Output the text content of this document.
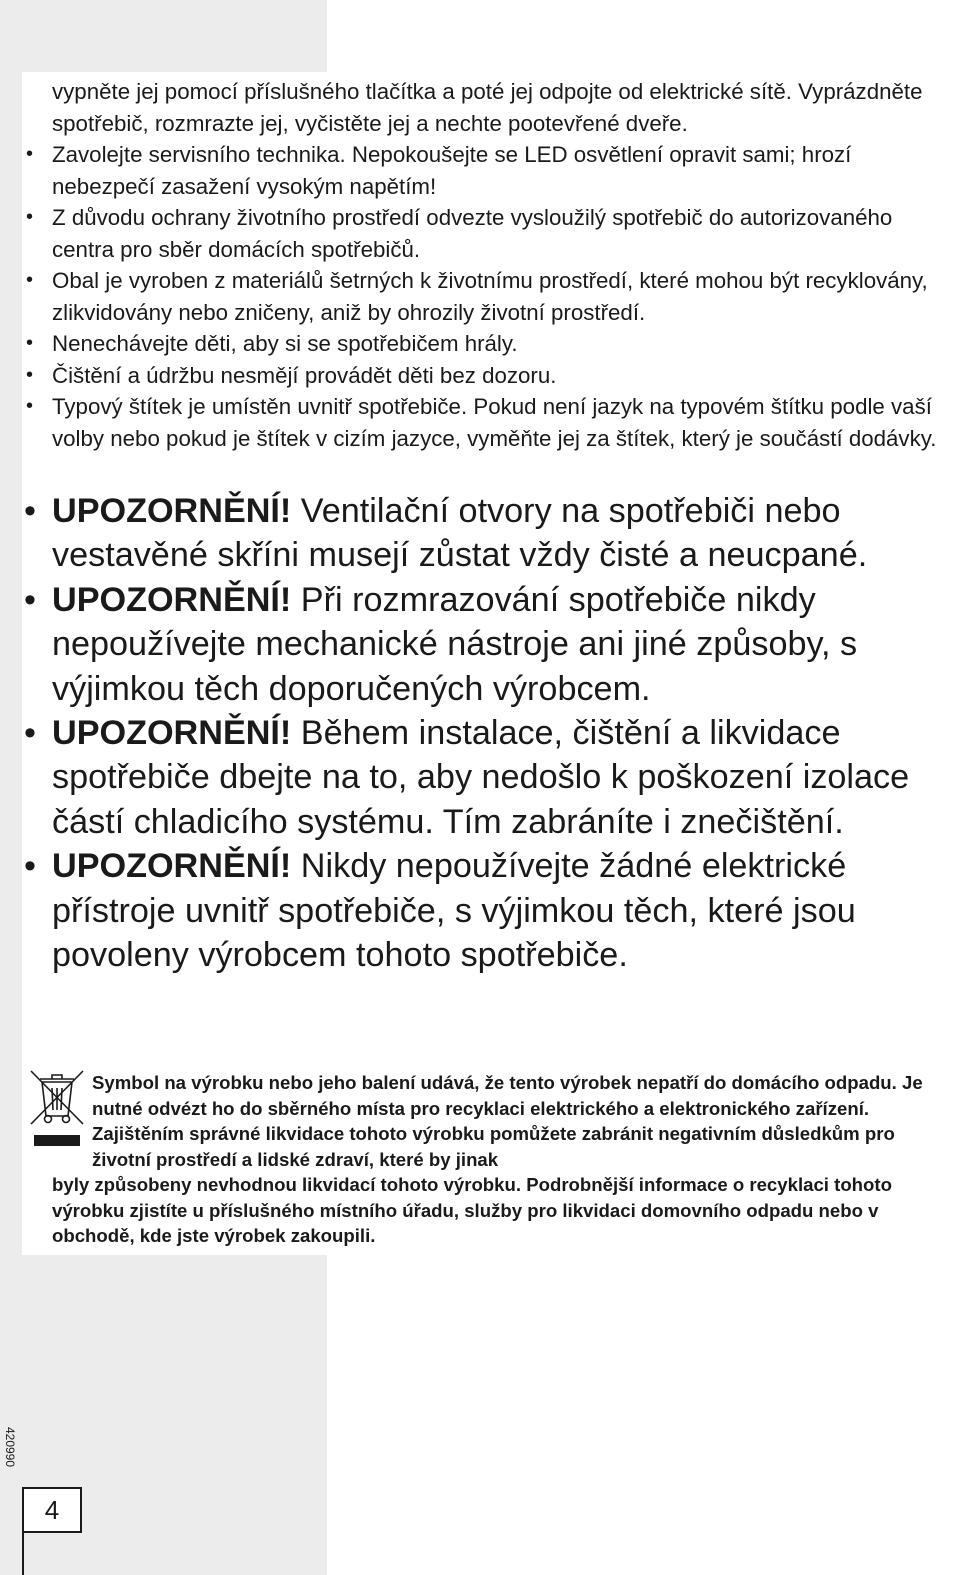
vypněte jej pomocí příslušného tlačítka a poté jej odpojte od elektrické sítě. Vyprázdněte spotřebič, rozmrazte jej, vyčistěte jej a nechte pootevřené dveře.
• Zavolejte servisního technika. Nepokoušejte se LED osvětlení opravit sami; hrozí nebezpečí zasažení vysokým napětím!
• Z důvodu ochrany životního prostředí odvezte vysloužilý spotřebič do autorizovaného centra pro sběr domácích spotřebičů.
• Obal je vyroben z materiálů šetrných k životnímu prostředí, které mohou být recyklovány, zlikvidovány nebo zničeny, aniž by ohrozily životní prostředí.
• Nenechávejte děti, aby si se spotřebičem hrály.
• Čištění a údržbu nesmějí provádět děti bez dozoru.
• Typový štítek je umístěn uvnitř spotřebiče. Pokud není jazyk na typovém štítku podle vaší volby nebo pokud je štítek v cizím jazyce, vyměňte jej za štítek, který je součástí dodávky.
• UPOZORNĚNÍ! Ventilační otvory na spotřebiči nebo vestavěné skříni musejí zůstat vždy čisté a neucpané.
• UPOZORNĚNÍ! Při rozmrazování spotřebiče nikdy nepoužívejte mechanické nástroje ani jiné způsoby, s výjimkou těch doporučených výrobcem.
• UPOZORNĚNÍ! Během instalace, čištění a likvidace spotřebiče dbejte na to, aby nedošlo k poškození izolace částí chladicího systému. Tím zabráníte i znečištění.
• UPOZORNĚNÍ! Nikdy nepoužívejte žádné elektrické přístroje uvnitř spotřebiče, s výjimkou těch, které jsou povoleny výrobcem tohoto spotřebiče.
Symbol na výrobku nebo jeho balení udává, že tento výrobek nepatří do domácího odpadu. Je nutné odvézt ho do sběrného místa pro recyklaci elektrického a elektronického zařízení. Zajištěním správné likvidace tohoto výrobku pomůžete zabránit negativním důsledkům pro životní prostředí a lidské zdraví, které by jinak
byly způsobeny nevhodnou likvidací tohoto výrobku. Podrobnější informace o recyklaci tohoto výrobku zjistíte u příslušného místního úřadu, služby pro likvidaci domovního odpadu nebo v obchodě, kde jste výrobek zakoupili.
420990
4
